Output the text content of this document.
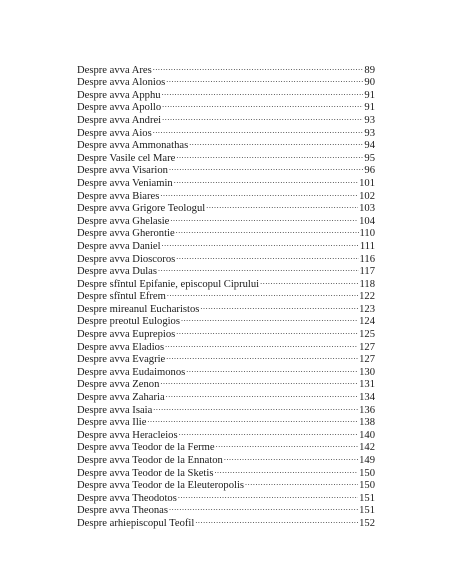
Despre avva Ares .....	89
Despre avva Alonios .....	90
Despre avva Apphu .....	91
Despre avva Apollo .....	91
Despre avva Andrei .....	93
Despre avva Aios .....	93
Despre avva Ammonathas .....	94
Despre Vasile cel Mare .....	95
Despre avva Visarion .....	96
Despre avva Veniamin .....	101
Despre avva Biares .....	102
Despre avva Grigore Teologul .....	103
Despre avva Ghelasie .....	104
Despre avva Gherontie .....	110
Despre avva Daniel .....	111
Despre avva Dioscoros .....	116
Despre avva Dulas .....	117
Despre sfîntul Epifanie, episcopul Ciprului .....	118
Despre sfîntul Efrem .....	122
Despre mireanul Eucharistos .....	123
Despre preotul Eulogios .....	124
Despre avva Euprepios .....	125
Despre avva Eladios .....	127
Despre avva Evagrie .....	127
Despre avva Eudaimonos .....	130
Despre avva Zenon .....	131
Despre avva Zaharia .....	134
Despre avva Isaia .....	136
Despre avva Ilie .....	138
Despre avva Heracleios .....	140
Despre avva Teodor de la Ferme .....	142
Despre avva Teodor de la Ennaton .....	149
Despre avva Teodor de la Sketis .....	150
Despre avva Teodor de la Eleuteropolis .....	150
Despre avva Theodotos .....	151
Despre avva Theonas .....	151
Despre arhiepiscopul Teofil .....	152
